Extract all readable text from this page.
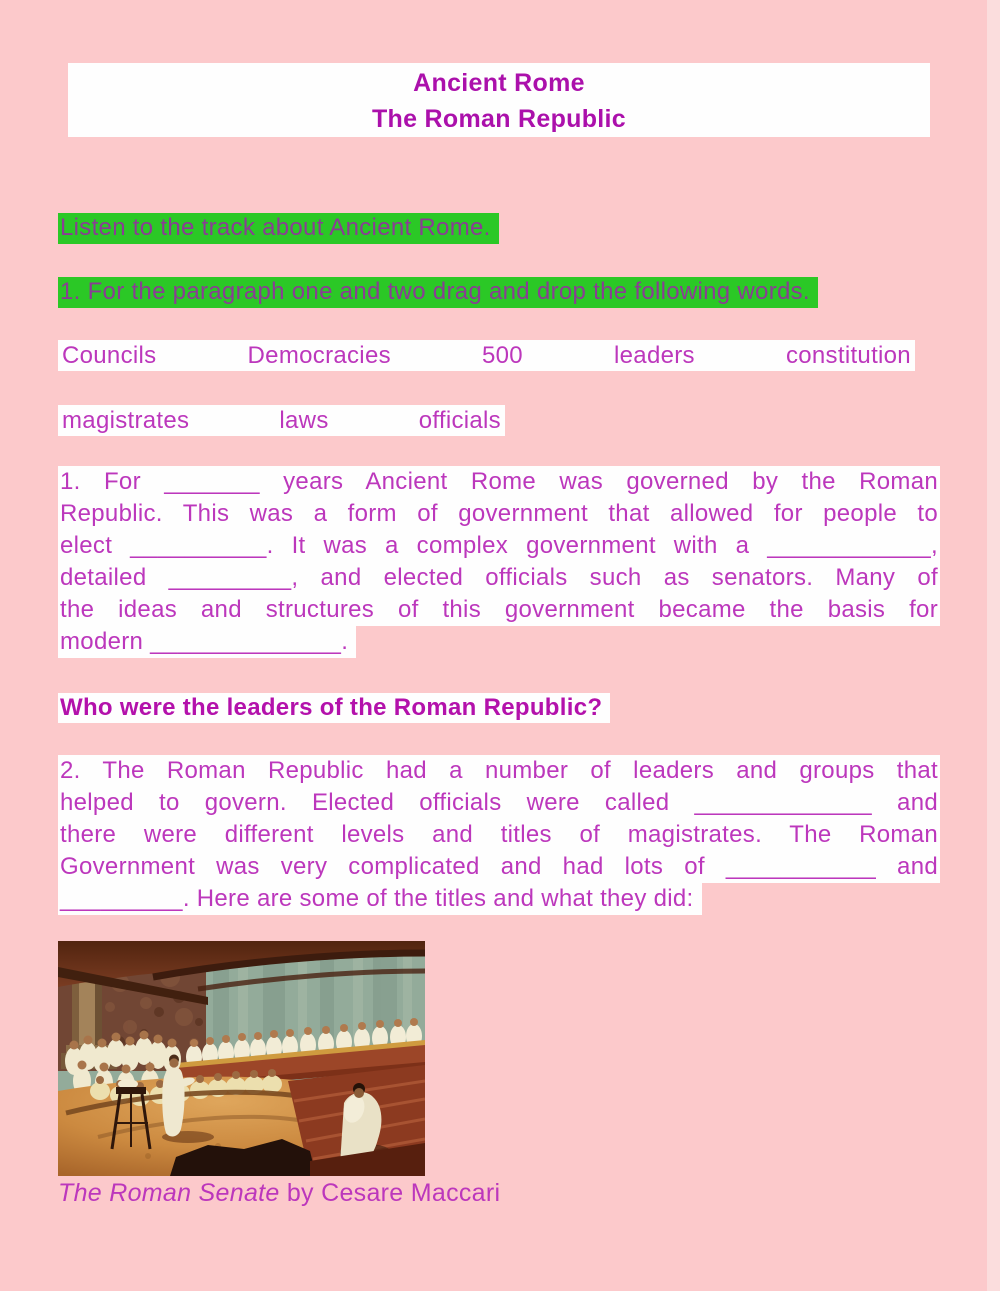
Ancient Rome
The Roman Republic
Listen to the track about Ancient Rome.
1. For the paragraph one and two drag and drop the following words.
Councils	Democracies	500	leaders	constitution
magistrates	laws	officials
1. For _______ years Ancient Rome was governed by the Roman
Republic. This was a form of government that allowed for people to
elect __________. It was a complex government with a ____________,
detailed _________, and elected officials such as senators. Many of
the ideas and structures of this government became the basis for
modern ______________.
Who were the leaders of the Roman Republic?
2. The Roman Republic had a number of leaders and groups that
helped to govern. Elected officials were called _____________ and
there were different levels and titles of magistrates. The Roman
Government was very complicated and had lots of ___________ and
_________. Here are some of the titles and what they did:
The Roman Senate by Cesare Maccari
